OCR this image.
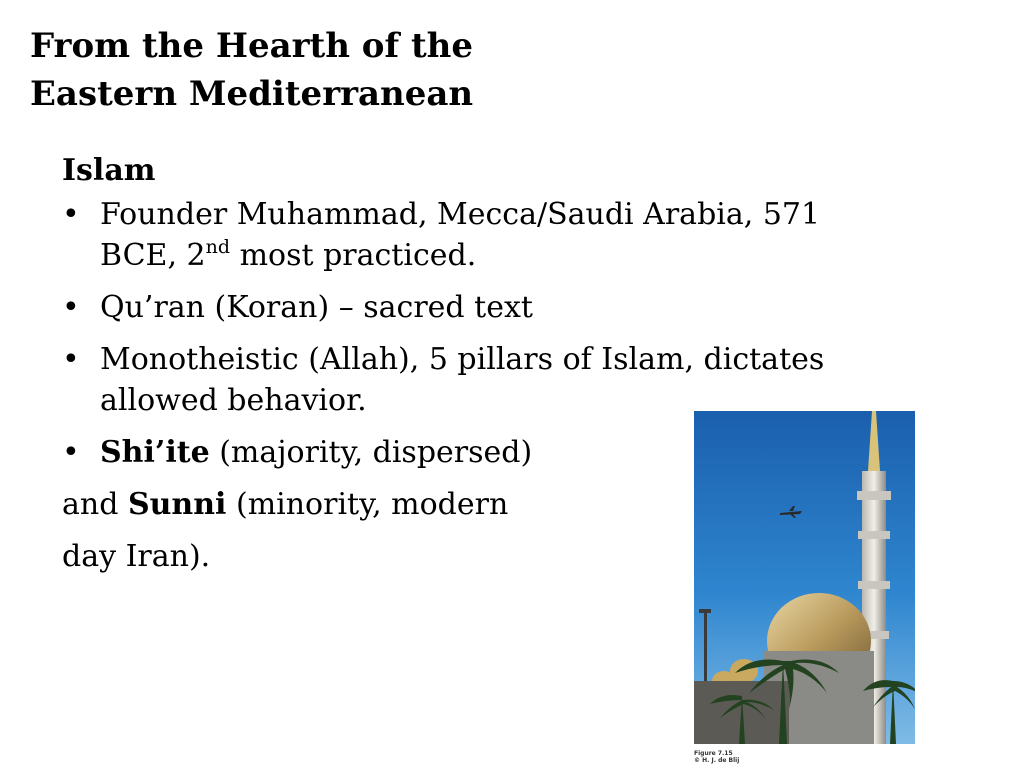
From the Hearth of the
Eastern Mediterranean
Islam
• Founder Muhammad, Mecca/Saudi Arabia, 571 BCE, 2nd most practiced.
• Qu’ran (Koran) – sacred text
• Monotheistic (Allah), 5 pillars of Islam, dictates allowed behavior.
• Shi’ite (majority, dispersed)
and Sunni (minority, modern
day Iran).
Figure 7.15
© H. J. de Blij
